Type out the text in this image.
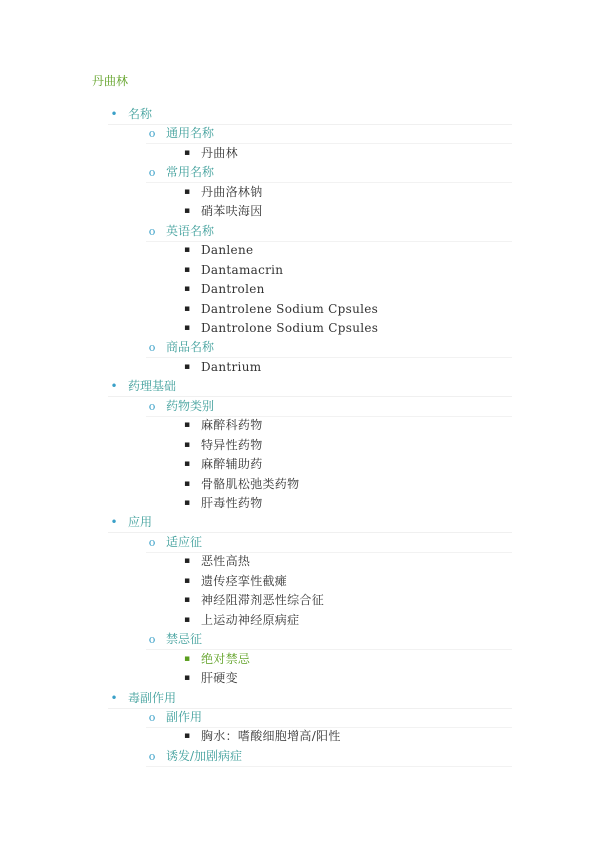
丹曲林
• 名称
o 通用名称
▪ 丹曲林
o 常用名称
▪ 丹曲洛林钠
▪ 硝苯呋海因
o 英语名称
▪ Danlene
▪ Dantamacrin
▪ Dantrolen
▪ Dantrolene Sodium Cpsules
▪ Dantrolone Sodium Cpsules
o 商品名称
▪ Dantrium
• 药理基础
o 药物类别
▪ 麻醉科药物
▪ 特异性药物
▪ 麻醉辅助药
▪ 骨骼肌松弛类药物
▪ 肝毒性药物
• 应用
o 适应征
▪ 恶性高热
▪ 遗传痉挛性截瘫
▪ 神经阻滞剂恶性综合征
▪ 上运动神经原病症
o 禁忌征
▪ 绝对禁忌
▪ 肝硬变
• 毒副作用
o 副作用
▪ 胸水：嗜酸细胞增高/阳性
o 诱发/加剧病症
